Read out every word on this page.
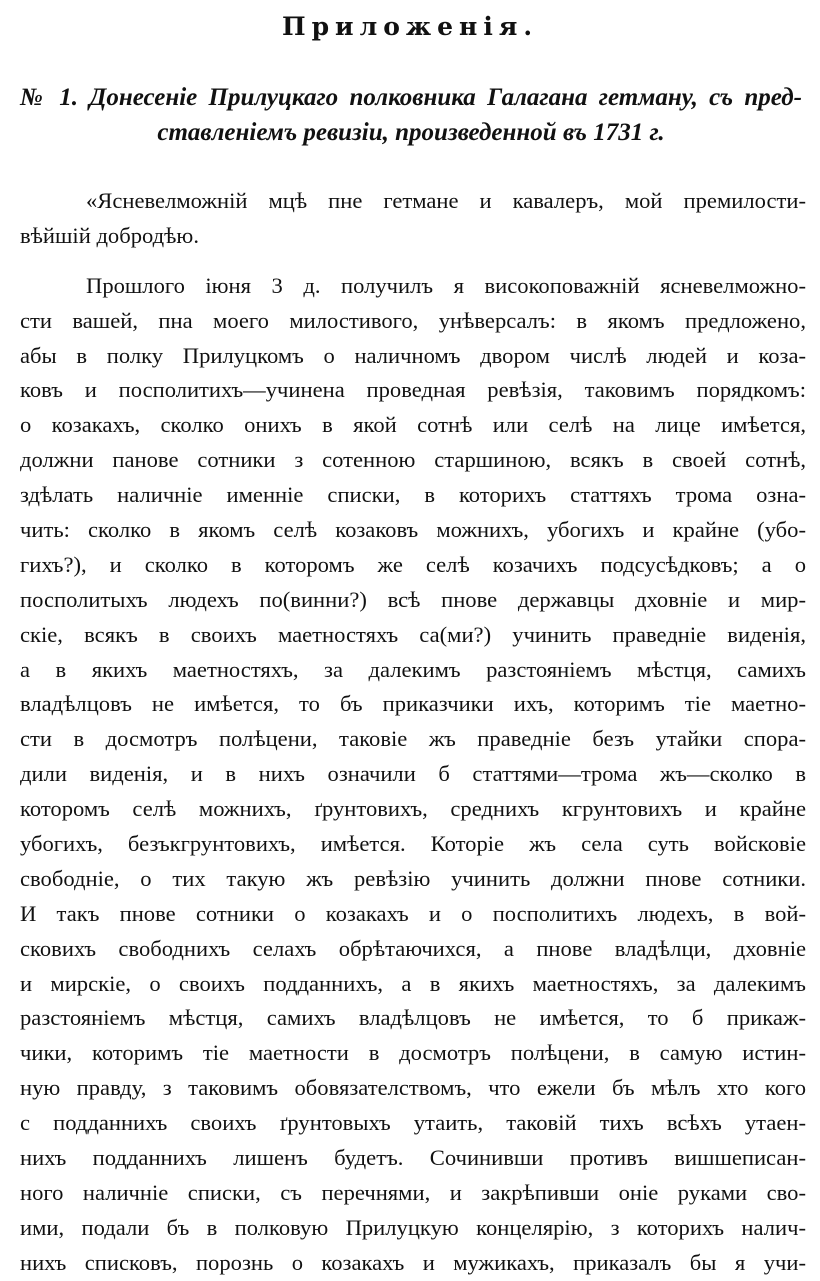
Приложенія.
№ 1. Донесеніе Прилуцкаго полковника Галагана гетману, съ пред-
ставленіемъ ревизіи, произведенной въ 1731 г.
«Ясневелможній мцѣ пне гетмане и кавалеръ, мой премилости-
вѣйшій добродѣю.
Прошлого іюня 3 д. получилъ я високоповажній ясневелможно-
сти вашей, пна моего милостивого, унѣверсалъ: в якомъ предложено,
абы в полку Прилуцкомъ о наличномъ двором числѣ людей и коза-
ковъ и посполитихъ—учинена проведная ревѣзія, таковимъ порядкомъ:
о козакахъ, сколко онихъ в якой сотнѣ или селѣ на лице имѣется,
должни панове сотники з сотенною старшиною, всякъ в своей сотнѣ,
здѣлать наличніе именніе списки, в которихъ статтяхъ трома озна-
чить: сколко в якомъ селѣ козаковъ можнихъ, убогихъ и крайне (убо-
гихъ?), и сколко в которомъ же селѣ козачихъ подсусѣдковъ; а о
посполитыхъ людехъ по(винни?) всѣ пнове державцы дховніе и мир-
скіе, всякъ в своихъ маетностяхъ са(ми?) учинить праведніе виденія,
а в якихъ маетностяхъ, за далекимъ разстояніемъ мѣстця, самихъ
владѣлцовъ не имѣется, то бъ приказчики ихъ, которимъ тіе маетно-
сти в досмотръ полѣцени, таковіе жъ праведніе безъ утайки спора-
дили виденія, и в нихъ означили б статтями—трома жъ—сколко в
которомъ селѣ можнихъ, ґрунтовихъ, среднихъ кгрунтовихъ и крайне
убогихъ, безъкгрунтовихъ, имѣется. Которіе жъ села суть войсковіе
свободніе, о тих такую жъ ревѣзію учинить должни пнове сотники.
И такъ пнове сотники о козакахъ и о посполитихъ людехъ, в вой-
сковихъ свободнихъ селахъ обрѣтаючихся, а пнове владѣлци, дховніе
и мирскіе, о своихъ подданнихъ, а в якихъ маетностяхъ, за далекимъ
разстояніемъ мѣстця, самихъ владѣлцовъ не имѣется, то б прикаж-
чики, которимъ тіе маетности в досмотръ полѣцени, в самую истин-
ную правду, з таковимъ обовязателствомъ, что ежели бъ мѣлъ хто кого
с подданнихъ своихъ ґрунтовыхъ утаить, таковій тихъ всѣхъ утаен-
нихъ подданнихъ лишенъ будетъ. Сочинивши противъ вишшеписан-
ного наличніе списки, съ перечнями, и закрѣпивши оніе руками сво-
ими, подали бъ в полковую Прилуцкую концелярію, з которихъ налич-
нихъ списковъ, порознь о козакахъ и мужикахъ, приказалъ бы я учи-
